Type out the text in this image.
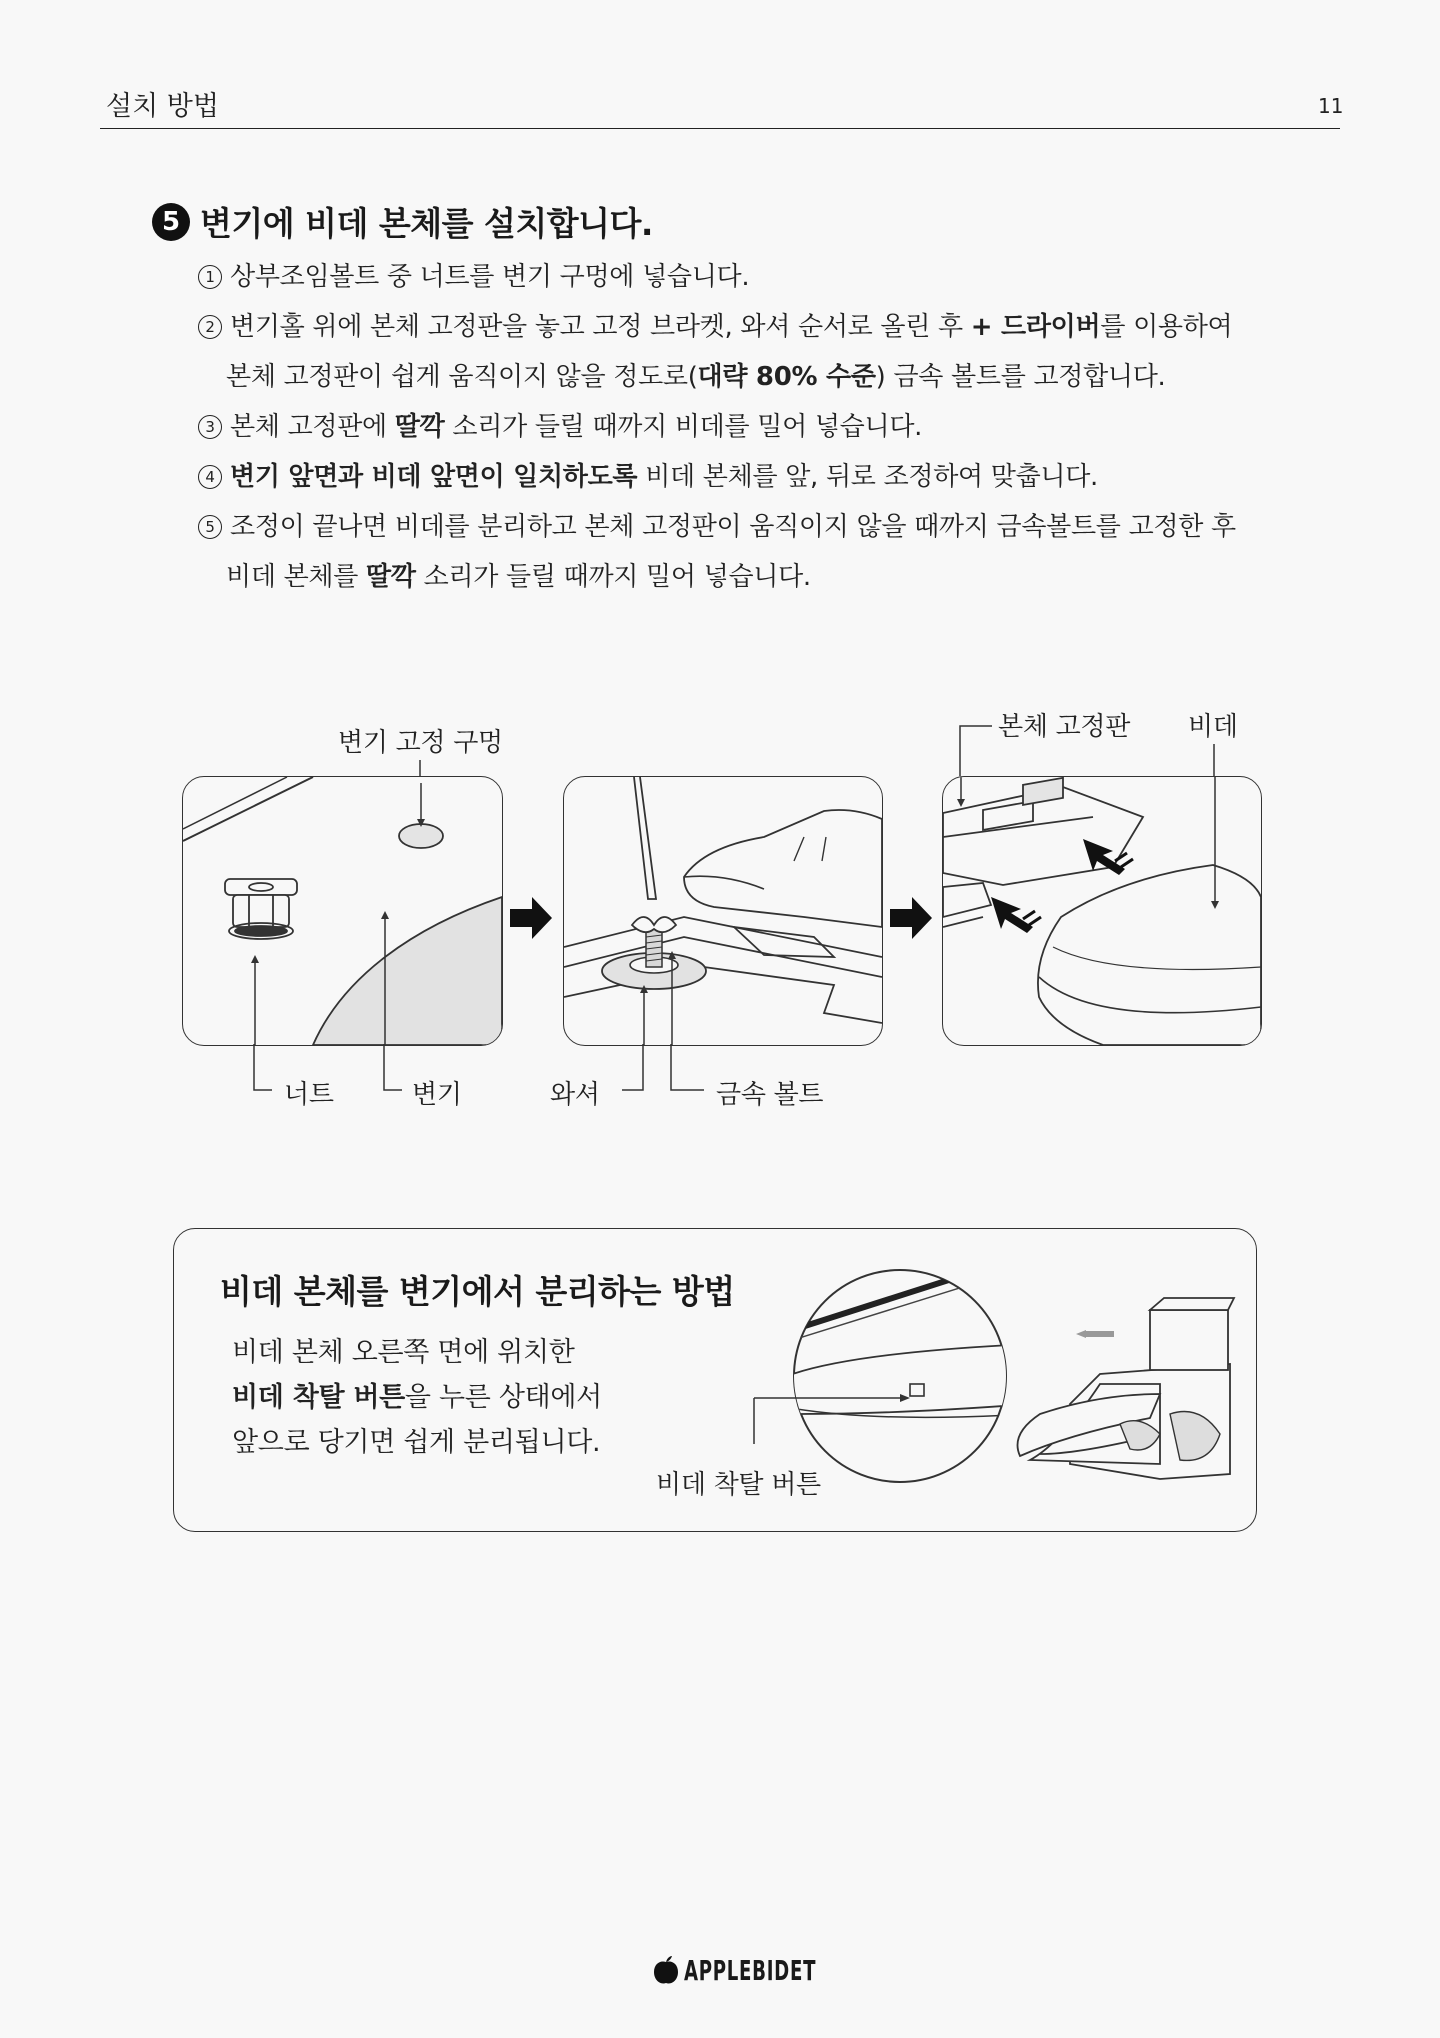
설치 방법	11
5 변기에 비데 본체를 설치합니다.
1 상부조임볼트 중 너트를 변기 구멍에 넣습니다.
2 변기홀 위에 본체 고정판을 놓고 고정 브라켓, 와셔 순서로 올린 후 + 드라이버를 이용하여
본체 고정판이 쉽게 움직이지 않을 정도로(대략 80% 수준) 금속 볼트를 고정합니다.
3 본체 고정판에 딸깍 소리가 들릴 때까지 비데를 밀어 넣습니다.
4 변기 앞면과 비데 앞면이 일치하도록 비데 본체를 앞, 뒤로 조정하여 맞춥니다.
5 조정이 끝나면 비데를 분리하고 본체 고정판이 움직이지 않을 때까지 금속볼트를 고정한 후
비데 본체를 딸깍 소리가 들릴 때까지 밀어 넣습니다.
변기 고정 구멍
너트	변기	와셔	금속 볼트
본체 고정판 비데
비데 본체를 변기에서 분리하는 방법
비데 본체 오른쪽 면에 위치한
비데 착탈 버튼을 누른 상태에서
앞으로 당기면 쉽게 분리됩니다.
비데 착탈 버튼
APPLEBIDET
